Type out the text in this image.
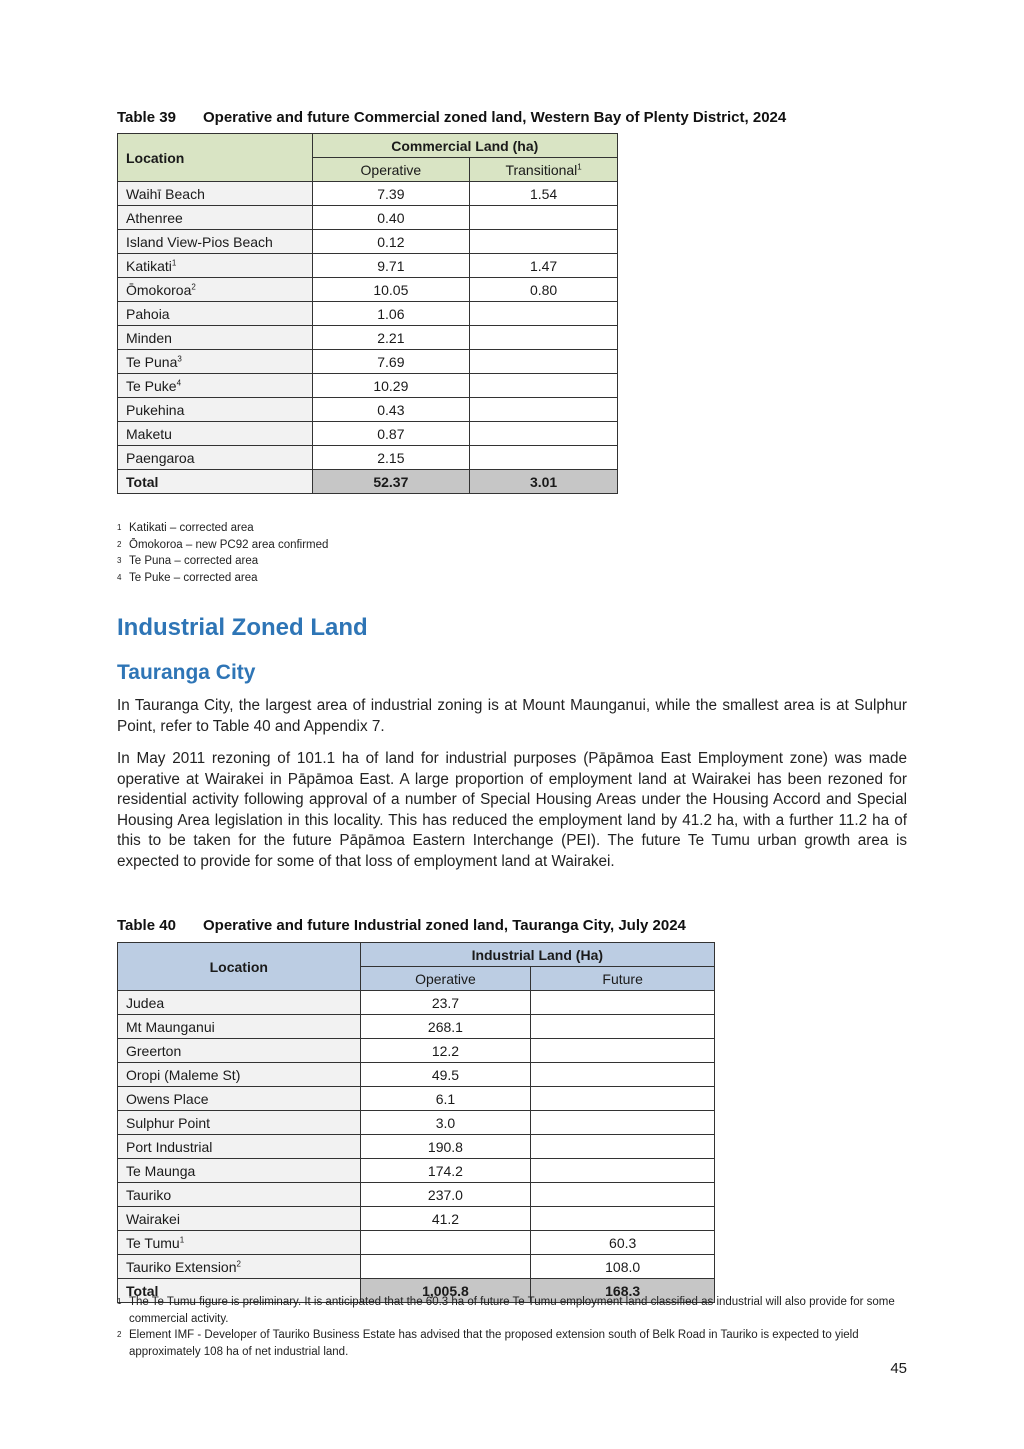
Table 39 Operative and future Commercial zoned land, Western Bay of Plenty District, 2024
Location	Commercial Land (ha)	
	Operative	Transitional$^1$
Waihī Beach	7.39	1.54
Athenree	0.40	
Island View-Pios Beach	0.12	
Katikati$^1$	9.71	1.47
Ōmokoroa$^2$	10.05	0.80
Pahoia	1.06	
Minden	2.21	
Te Puna$^3$	7.69	
Te Puke$^4$	10.29	
Pukehina	0.43	
Maketu	0.87	
Paengaroa	2.15	
Total	52.37	3.01
1 Katikati – corrected area
2 Ōmokoroa – new PC92 area confirmed
3 Te Puna – corrected area
4 Te Puke – corrected area
Industrial Zoned Land
Tauranga City

In Tauranga City, the largest area of industrial zoning is at Mount Maunganui, while the smallest area is at Sulphur Point, refer to Table 40 and Appendix 7.

In May 2011 rezoning of 101.1 ha of land for industrial purposes (Pāpāmoa East Employment zone) was made operative at Wairakei in Pāpāmoa East. A large proportion of employment land at Wairakei has been rezoned for residential activity following approval of a number of Special Housing Areas under the Housing Accord and Special Housing Area legislation in this locality. This has reduced the employment land by 41.2 ha, with a further 11.2 ha of this to be taken for the future Pāpāmoa Eastern Interchange (PEI). The future Te Tumu urban growth area is expected to provide for some of that loss of employment land at Wairakei.

Table 40 Operative and future Industrial zoned land, Tauranga City, July 2024
Location	Industrial Land (Ha)	
	Operative	Future
Judea	23.7	
Mt Maunganui	268.1	
Greerton	12.2	
Oropi (Maleme St)	49.5	
Owens Place	6.1	
Sulphur Point	3.0	
Port Industrial	190.8	
Te Maunga	174.2	
Tauriko	237.0	
Wairakei	41.2	
Te Tumu$^1$		60.3
Tauriko Extension$^2$		108.0
Total	1,005.8	168.3
1 The Te Tumu figure is preliminary. It is anticipated that the 60.3 ha of future Te Tumu employment land classified as industrial will also provide for some commercial activity.
2 Element IMF - Developer of Tauriko Business Estate has advised that the proposed extension south of Belk Road in Tauriko is expected to yield approximately 108 ha of net industrial land.
45
